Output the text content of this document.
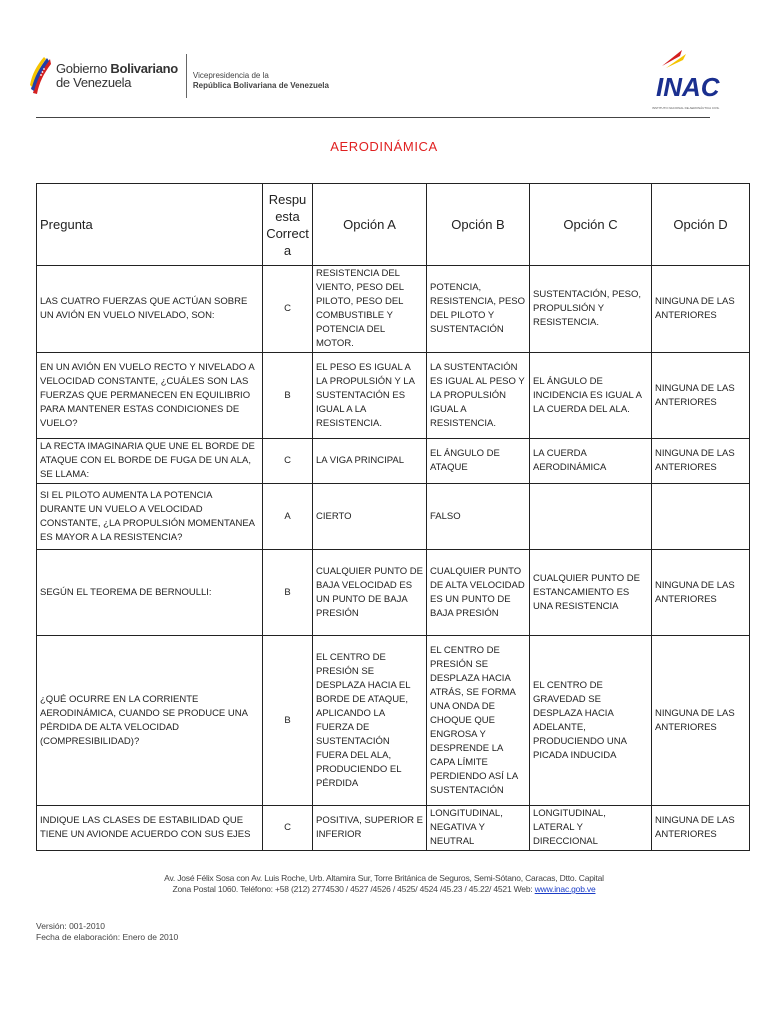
Gobierno Bolivariano
de Venezuela	Vicepresidencia de la
República Bolivariana de Venezuela	INAC
INSTITUTO NACIONAL DE AERONÁUTICA CIVIL
AERODINÁMICA
Pregunta	Respuesta Correcta	Opción A	Opción B	Opción C	Opción D
LAS CUATRO FUERZAS QUE ACTÚAN SOBRE UN AVIÓN EN VUELO NIVELADO, SON:	C	RESISTENCIA DEL VIENTO, PESO DEL PILOTO, PESO DEL COMBUSTIBLE Y POTENCIA DEL MOTOR.	POTENCIA, RESISTENCIA, PESO DEL PILOTO Y SUSTENTACIÓN	SUSTENTACIÓN, PESO, PROPULSIÓN Y RESISTENCIA.	NINGUNA DE LAS ANTERIORES
EN UN AVIÓN EN VUELO RECTO Y NIVELADO A VELOCIDAD CONSTANTE, ¿CUÁLES SON LAS FUERZAS QUE PERMANECEN EN EQUILIBRIO PARA MANTENER ESTAS CONDICIONES DE VUELO?	B	EL PESO ES IGUAL A LA PROPULSIÓN Y LA SUSTENTACIÓN ES IGUAL A LA RESISTENCIA.	LA SUSTENTACIÓN ES IGUAL AL PESO Y LA PROPULSIÓN IGUAL A RESISTENCIA.	EL ÁNGULO DE INCIDENCIA ES IGUAL A LA CUERDA DEL ALA.	NINGUNA DE LAS ANTERIORES
LA RECTA IMAGINARIA QUE UNE EL BORDE DE ATAQUE CON EL BORDE DE FUGA DE UN ALA, SE LLAMA:	C	LA VIGA PRINCIPAL	EL ÁNGULO DE ATAQUE	LA CUERDA AERODINÁMICA	NINGUNA DE LAS ANTERIORES
SI EL PILOTO AUMENTA LA POTENCIA DURANTE UN VUELO A VELOCIDAD CONSTANTE, ¿LA PROPULSIÓN MOMENTANEA ES MAYOR A LA RESISTENCIA?	A	CIERTO	FALSO		
SEGÚN EL TEOREMA DE BERNOULLI:	B	CUALQUIER PUNTO DE BAJA VELOCIDAD ES UN PUNTO DE BAJA PRESIÓN	CUALQUIER PUNTO DE ALTA VELOCIDAD ES UN PUNTO DE BAJA PRESIÓN	CUALQUIER PUNTO DE ESTANCAMIENTO ES UNA RESISTENCIA	NINGUNA DE LAS ANTERIORES
¿QUÉ OCURRE EN LA CORRIENTE AERODINÁMICA, CUANDO SE PRODUCE UNA PÉRDIDA DE ALTA VELOCIDAD (COMPRESIBILIDAD)?	B	EL CENTRO DE PRESIÓN SE DESPLAZA HACIA EL BORDE DE ATAQUE, APLICANDO LA FUERZA DE SUSTENTACIÓN FUERA DEL ALA, PRODUCIENDO EL PÉRDIDA	EL CENTRO DE PRESIÓN SE DESPLAZA HACIA ATRÁS, SE FORMA UNA ONDA DE CHOQUE QUE ENGROSA Y DESPRENDE LA CAPA LÍMITE PERDIENDO ASÍ LA SUSTENTACIÓN	EL CENTRO DE GRAVEDAD SE DESPLAZA HACIA ADELANTE, PRODUCIENDO UNA PICADA INDUCIDA	NINGUNA DE LAS ANTERIORES
INDIQUE LAS CLASES DE ESTABILIDAD QUE TIENE UN AVIONDE ACUERDO CON SUS EJES	C	POSITIVA, SUPERIOR E INFERIOR	LONGITUDINAL, NEGATIVA Y NEUTRAL	LONGITUDINAL, LATERAL Y DIRECCIONAL	NINGUNA DE LAS ANTERIORES
Av. José Félix Sosa con Av. Luis Roche, Urb. Altamira Sur, Torre Británica de Seguros, Semi-Sótano, Caracas, Dtto. Capital
Zona Postal 1060. Teléfono: +58 (212) 2774530 / 4527 /4526 / 4525/ 4524 /45.23 / 45.22/ 4521 Web: www.inac.gob.ve
Versión: 001-2010
Fecha de elaboración: Enero de 2010
